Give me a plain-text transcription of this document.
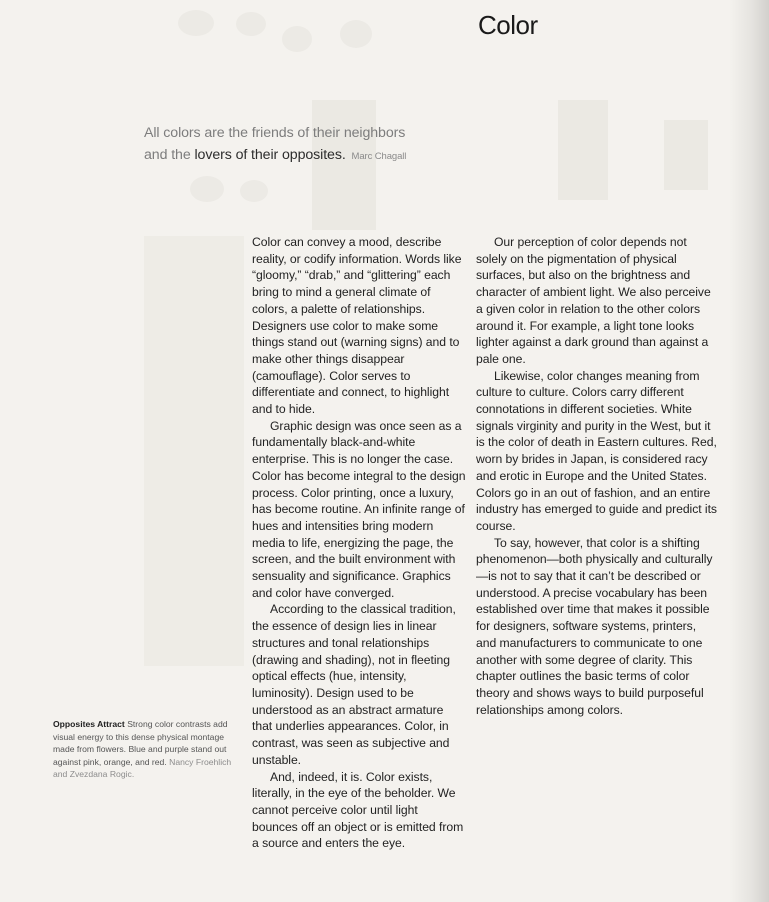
Color
All colors are the friends of their neighbors
and the lovers of their opposites. Marc Chagall

Color can convey a mood, describe reality, or codify information. Words like “gloomy,” “drab,” and “glittering” each bring to mind a general climate of colors, a palette of relationships. Designers use color to make some things stand out (warning signs) and to make other things disappear (camouflage). Color serves to differentiate and connect, to highlight and to hide.

Graphic design was once seen as a fundamentally black-and-white enterprise. This is no longer the case. Color has become integral to the design process. Color printing, once a luxury, has become routine. An infinite range of hues and intensities bring modern media to life, energizing the page, the screen, and the built environment with sensuality and significance. Graphics and color have converged.

According to the classical tradition, the essence of design lies in linear structures and tonal relationships (drawing and shading), not in fleeting optical effects (hue, intensity, luminosity). Design used to be understood as an abstract armature that underlies appearances. Color, in contrast, was seen as subjective and unstable.

And, indeed, it is. Color exists, literally, in the eye of the beholder. We cannot perceive color until light bounces off an object or is emitted from a source and enters the eye.

Our perception of color depends not solely on the pigmentation of physical surfaces, but also on the brightness and character of ambient light. We also perceive a given color in relation to the other colors around it. For example, a light tone looks lighter against a dark ground than against a pale one.

Likewise, color changes meaning from culture to culture. Colors carry different connotations in different societies. White signals virginity and purity in the West, but it is the color of death in Eastern cultures. Red, worn by brides in Japan, is considered racy and erotic in Europe and the United States. Colors go in an out of fashion, and an entire industry has emerged to guide and predict its course.

To say, however, that color is a shifting phenomenon—both physically and culturally—is not to say that it can’t be described or understood. A precise vocabulary has been established over time that makes it possible for designers, software systems, printers, and manufacturers to communicate to one another with some degree of clarity. This chapter outlines the basic terms of color theory and shows ways to build purposeful relationships among colors.

Opposites Attract Strong color contrasts add visual energy to this dense physical montage made from flowers. Blue and purple stand out against pink, orange, and red. Nancy Froehlich and Zvezdana Rogic.
